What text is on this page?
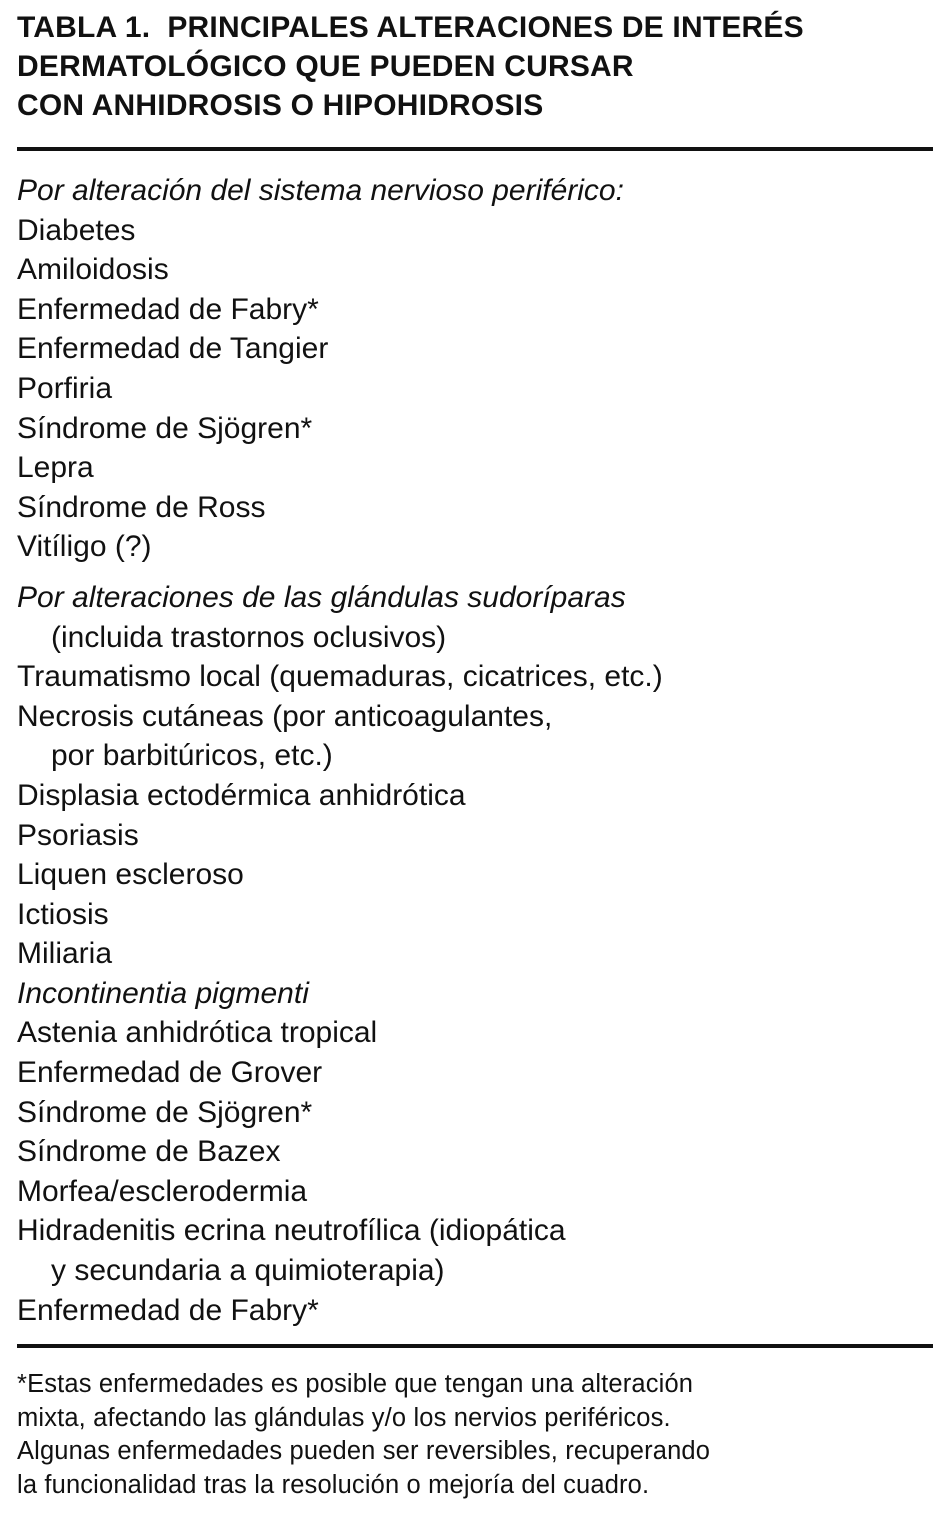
TABLA 1. PRINCIPALES ALTERACIONES DE INTERÉS
DERMATOLÓGICO QUE PUEDEN CURSAR
CON ANHIDROSIS O HIPOHIDROSIS
Por alteración del sistema nervioso periférico:
Diabetes
Amiloidosis
Enfermedad de Fabry*
Enfermedad de Tangier
Porfiria
Síndrome de Sjögren*
Lepra
Síndrome de Ross
Vitíligo (?)
Por alteraciones de las glándulas sudoríparas
(incluida trastornos oclusivos)
Traumatismo local (quemaduras, cicatrices, etc.)
Necrosis cutáneas (por anticoagulantes,
por barbitúricos, etc.)
Displasia ectodérmica anhidrótica
Psoriasis
Liquen escleroso
Ictiosis
Miliaria
Incontinentia pigmenti
Astenia anhidrótica tropical
Enfermedad de Grover
Síndrome de Sjögren*
Síndrome de Bazex
Morfea/esclerodermia
Hidradenitis ecrina neutrofílica (idiopática
y secundaria a quimioterapia)
Enfermedad de Fabry*
*Estas enfermedades es posible que tengan una alteración
mixta, afectando las glándulas y/o los nervios periféricos.
Algunas enfermedades pueden ser reversibles, recuperando
la funcionalidad tras la resolución o mejoría del cuadro.
